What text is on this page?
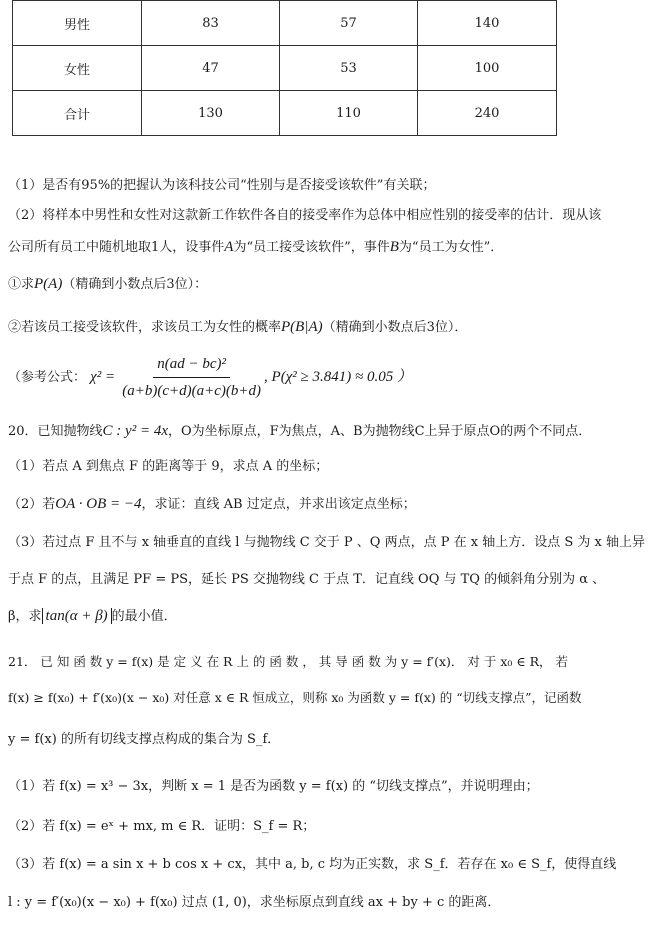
男性	83	57	140
女性	47	53	100
合计	130	110	240
（1）是否有95%的把握认为该科技公司“性别与是否接受该软件”有关联；
（2）将样本中男性和女性对这款新工作软件各自的接受率作为总体中相应性别的接受率的估计．现从该
公司所有员工中随机地取1人，设事件A为“员工接受该软件”，事件B为“员工为女性”．
①求P(A)（精确到小数点后3位）：
②若该员工接受该软件，求该员工为女性的概率P(B|A)（精确到小数点后3位）．
（参考公式： $\chi^2 = \frac{\text{n(ad − bc)²}}{(a+b)(c+d)(a+c)(b+d)}$ , P(χ² ≥ 3.841) ≈ 0.05 ）
20．已知抛物线C : y² = 4x，O为坐标原点，F为焦点，A、B为抛物线C上异于原点O的两个不同点．
（1）若点 A 到焦点 F 的距离等于 9，求点 A 的坐标；
（2）若OA · OB = −4，求证：直线 AB 过定点，并求出该定点坐标；
（3）若过点 F 且不与 x 轴垂直的直线 l 与抛物线 C 交于 P 、Q 两点，点 P 在 x 轴上方．设点 S 为 x 轴上异
于点 F 的点，且满足 PF = PS，延长 PS 交抛物线 C 于点 T．记直线 OQ 与 TQ 的倾斜角分别为 α 、
β，求 tan(α + β) 的最小值．
21． 已 知 函 数 y = f(x) 是 定 义 在 R 上 的 函 数 ， 其 导 函 数 为 y = f′(x)． 对 于 x₀ ∈ R， 若
f(x) ≥ f(x₀) + f′(x₀)(x − x₀) 对任意 x ∈ R 恒成立，则称 x₀ 为函数 y = f(x) 的 “切线支撑点”，记函数
y = f(x) 的所有切线支撑点构成的集合为 S_f．
（1）若 f(x) = x³ − 3x，判断 x = 1 是否为函数 y = f(x) 的 “切线支撑点”，并说明理由；
（2）若 f(x) = eˣ + mx, m ∈ R．证明：S_f = R；
（3）若 f(x) = a sin x + b cos x + cx，其中 a, b, c 均为正实数，求 S_f．若存在 x₀ ∈ S_f，使得直线
l : y = f′(x₀)(x − x₀) + f(x₀) 过点 (1, 0)，求坐标原点到直线 ax + by + c 的距离．
